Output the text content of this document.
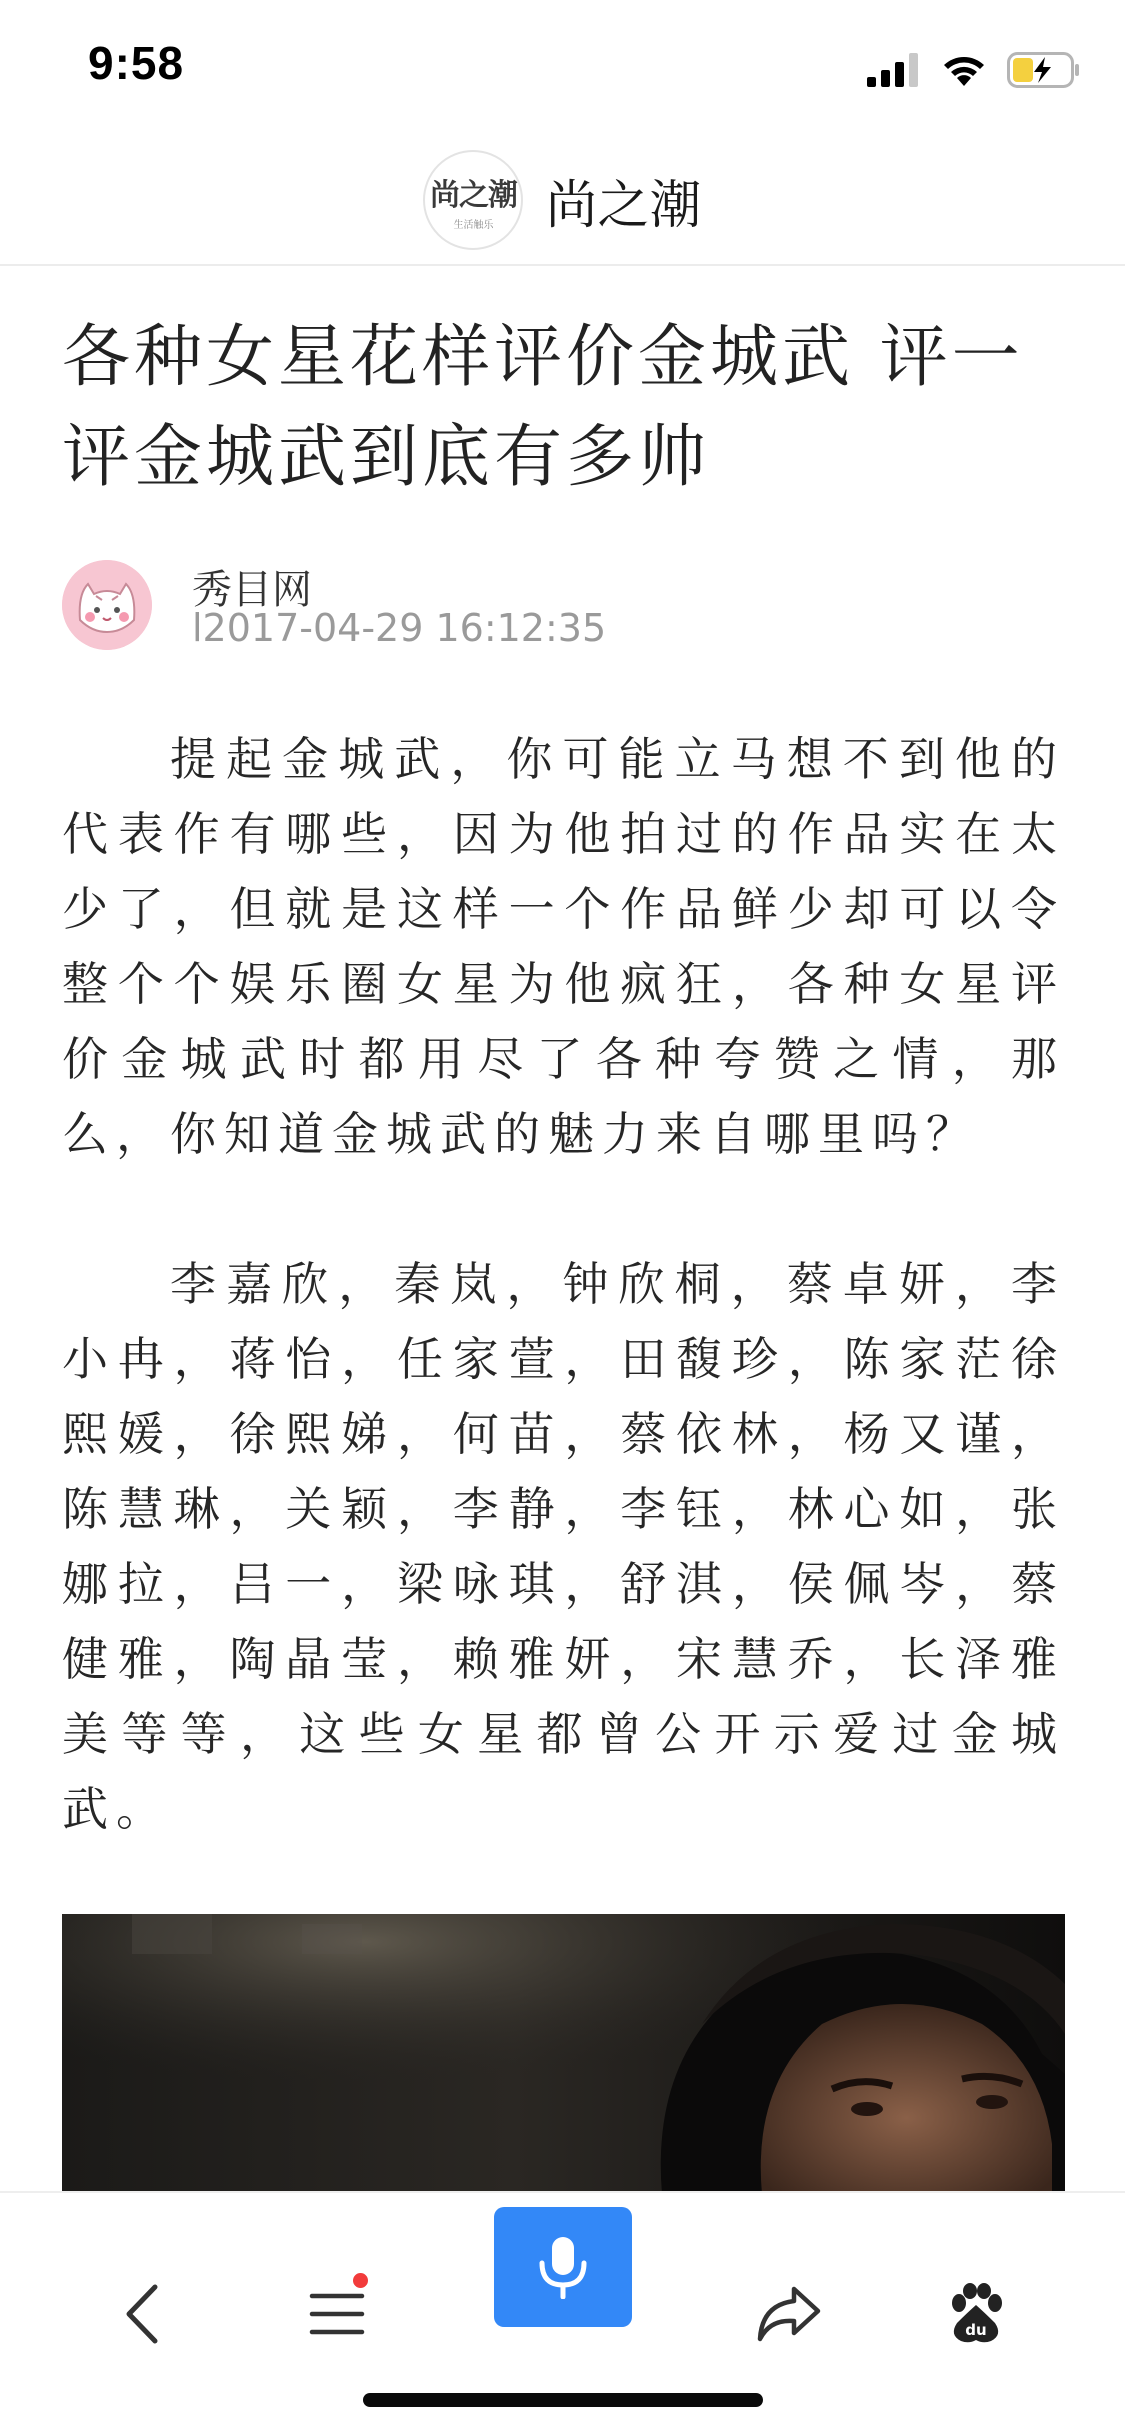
9:58
尚之潮
生活触乐 尚之潮
各种女星花样评价金城武 评一评金城武到底有多帅
秀目网
l2017-04-29 16:12:35

提起金城武，你可能立马想不到他的代表作有哪些，因为他拍过的作品实在太少了，但就是这样一个作品鲜少却可以令整个个娱乐圈女星为他疯狂，各种女星评价金城武时都用尽了各种夸赞之情，那么，你知道金城武的魅力来自哪里吗？

李嘉欣，秦岚，钟欣桐，蔡卓妍，李小冉，蒋怡，任家萱，田馥珍，陈家茫徐熙媛，徐熙娣，何苗，蔡依林，杨又谨，陈慧琳，关颖，李静，李钰，林心如，张娜拉，吕一，梁咏琪，舒淇，侯佩岑，蔡健雅，陶晶莹，赖雅妍，宋慧乔，长泽雅美等等，这些女星都曾公开示爱过金城武。

du
